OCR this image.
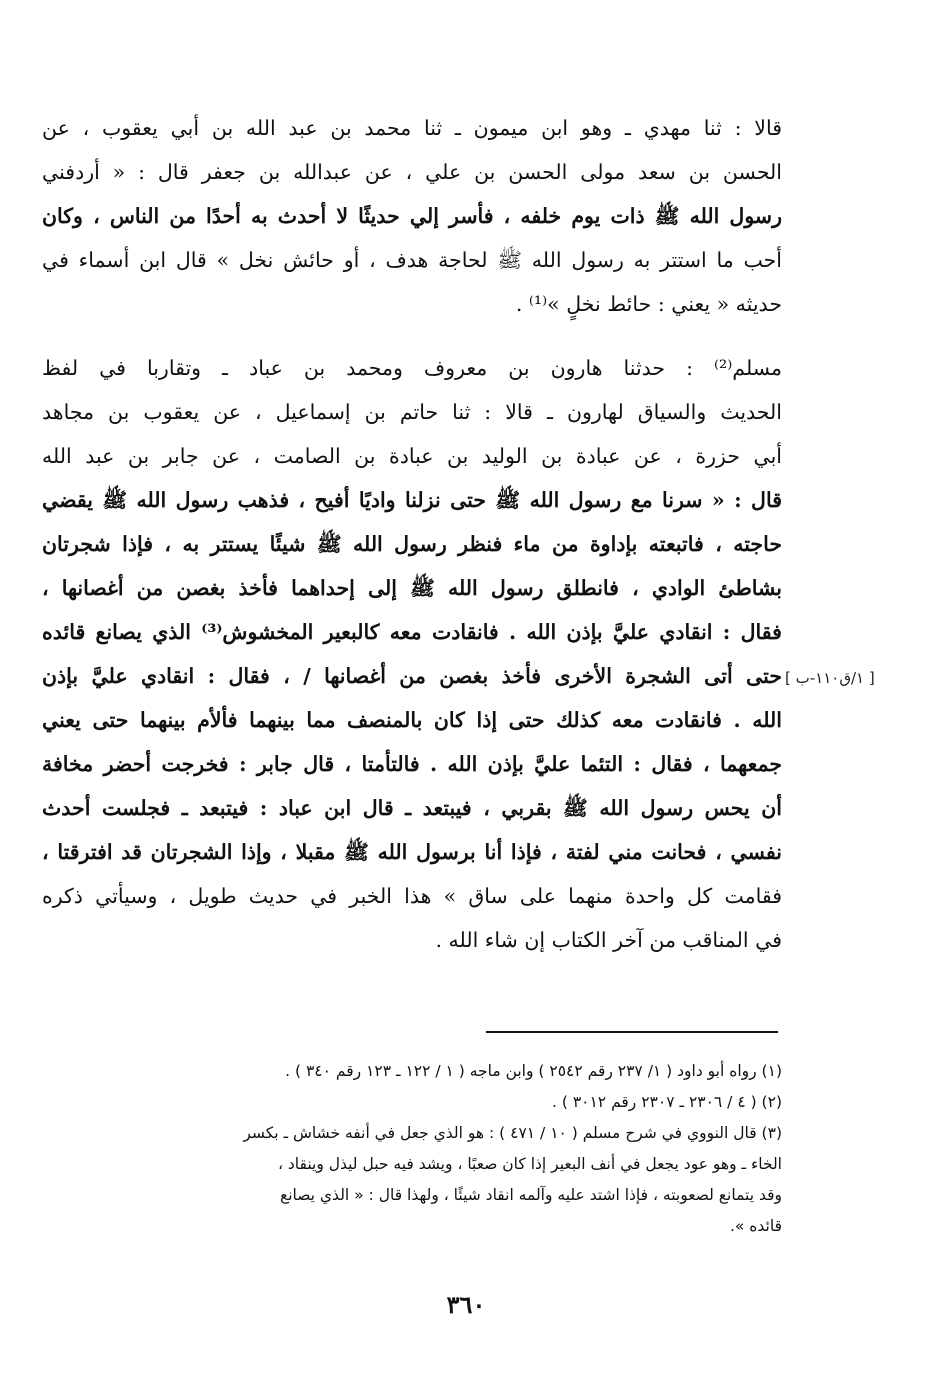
قالا : ثنا مهدي ـ وهو ابن ميمون ـ ثنا محمد بن عبد الله بن أبي يعقوب ، عن
الحسن بن سعد مولى الحسن بن علي ، عن عبدالله بن جعفر قال : « أردفني
رسول الله ﷺ ذات يوم خلفه ، فأسر إلي حديثًا لا أحدث به أحدًا من الناس ، وكان
أحب ما استتر به رسول الله ﷺ لحاجة هدف ، أو حائش نخل » قال ابن أسماء في
حديثه « يعني : حائط نخلٍ »⁽¹⁾ .
مسلم⁽²⁾ : حدثنا هارون بن معروف ومحمد بن عباد ـ وتقاربا في لفظ
الحديث والسياق لهارون ـ قالا : ثنا حاتم بن إسماعيل ، عن يعقوب بن مجاهد
أبي حزرة ، عن عبادة بن الوليد بن عبادة بن الصامت ، عن جابر بن عبد الله
قال : « سرنا مع رسول الله ﷺ حتى نزلنا واديًا أفيح ، فذهب رسول الله ﷺ يقضي
حاجته ، فاتبعته بإداوة من ماء فنظر رسول الله ﷺ شيئًا يستتر به ، فإذا شجرتان
بشاطئ الوادي ، فانطلق رسول الله ﷺ إلى إحداهما فأخذ بغصن من أغصانها ،
فقال : انقادي عليَّ بإذن الله . فانقادت معه كالبعير المخشوش⁽³⁾ الذي يصانع قائده
حتى أتى الشجرة الأخرى فأخذ بغصن من أغصانها / ، فقال : انقادي عليَّ بإذن
الله . فانقادت معه كذلك حتى إذا كان بالمنصف مما بينهما فألأم بينهما حتى يعني
جمعهما ، فقال : التئما عليَّ بإذن الله . فالتأمتا ، قال جابر : فخرجت أحضر مخافة
أن يحس رسول الله ﷺ بقربي ، فيبتعد ـ قال ابن عباد : فيتبعد ـ فجلست أحدث
نفسي ، فحانت مني لفتة ، فإذا أنا برسول الله ﷺ مقبلا ، وإذا الشجرتان قد افترقتا ،
فقامت كل واحدة منهما على ساق » هذا الخبر في حديث طويل ، وسيأتي ذكره
في المناقب من آخر الكتاب إن شاء الله .
[ ١/ق١١٠-ب ]
(١) رواه أبو داود ( ١/ ٢٣٧ رقم ٢٥٤٢ ) وابن ماجه ( ١ / ١٢٢ ـ ١٢٣ رقم ٣٤٠ ) .
(٢) ( ٤ / ٢٣٠٦ ـ ٢٣٠٧ رقم ٣٠١٢ ) .
(٣) قال النووي في شرح مسلم ( ١٠ / ٤٧١ ) : هو الذي جعل في أنفه خشاش ـ بكسر
الخاء ـ وهو عود يجعل في أنف البعير إذا كان صعبًا ، ويشد فيه حبل ليذل وينقاد ،
وقد يتمانع لصعوبته ، فإذا اشتد عليه وآلمه انقاد شيئًا ، ولهذا قال : « الذي يصانع
قائده ».
٣٦٠
